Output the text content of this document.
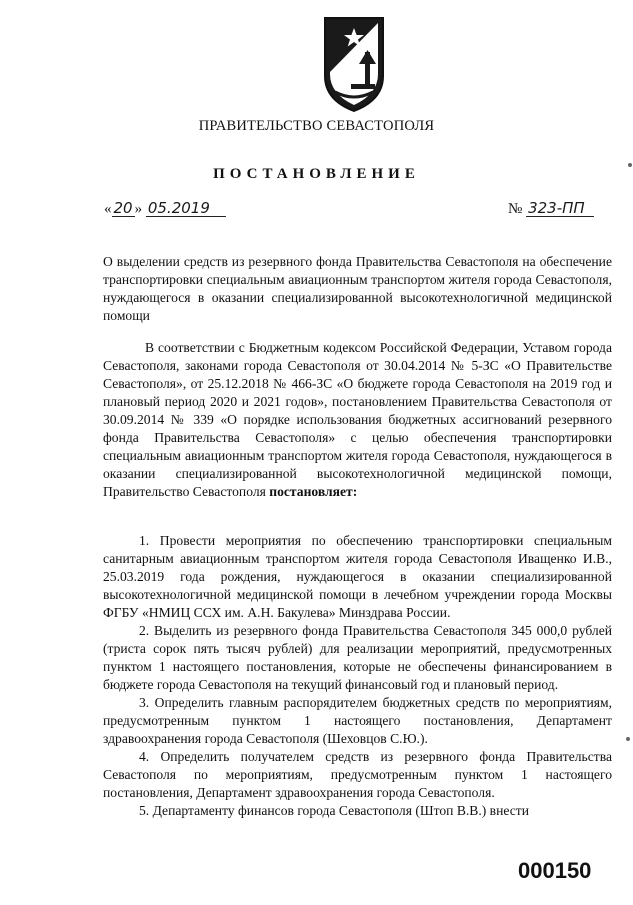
ПРАВИТЕЛЬСТВО СЕВАСТОПОЛЯ
ПОСТАНОВЛЕНИЕ
« 20 » 05.2019	№ 323-ПП

О выделении средств из резервного фонда Правительства Севастополя на обеспечение транспортировки специальным авиационным транспортом жителя города Севастополя, нуждающегося в оказании специализированной высокотехнологичной медицинской помощи

В соответствии с Бюджетным кодексом Российской Федерации, Уставом города Севастополя, законами города Севастополя от 30.04.2014 № 5-ЗС «О Правительстве Севастополя», от 25.12.2018 № 466-ЗС «О бюджете города Севастополя на 2019 год и плановый период 2020 и 2021 годов», постановлением Правительства Севастополя от 30.09.2014 № 339 «О порядке использования бюджетных ассигнований резервного фонда Правительства Севастополя» с целью обеспечения транспортировки специальным авиационным транспортом жителя города Севастополя, нуждающегося в оказании специализированной высокотехнологичной медицинской помощи, Правительство Севастополя постановляет:

1. Провести мероприятия по обеспечению транспортировки специальным санитарным авиационным транспортом жителя города Севастополя Иващенко И.В., 25.03.2019 года рождения, нуждающегося в оказании специализированной высокотехнологичной медицинской помощи в лечебном учреждении города Москвы ФГБУ «НМИЦ ССХ им. А.Н. Бакулева» Минздрава России.

2. Выделить из резервного фонда Правительства Севастополя 345 000,0 рублей (триста сорок пять тысяч рублей) для реализации мероприятий, предусмотренных пунктом 1 настоящего постановления, которые не обеспечены финансированием в бюджете города Севастополя на текущий финансовый год и плановый период.

3. Определить главным распорядителем бюджетных средств по мероприятиям, предусмотренным пунктом 1 настоящего постановления, Департамент здравоохранения города Севастополя (Шеховцов С.Ю.).

4. Определить получателем средств из резервного фонда Правительства Севастополя по мероприятиям, предусмотренным пунктом 1 настоящего постановления, Департамент здравоохранения города Севастополя.

5. Департаменту финансов города Севастополя (Штоп В.В.) внести

000150
